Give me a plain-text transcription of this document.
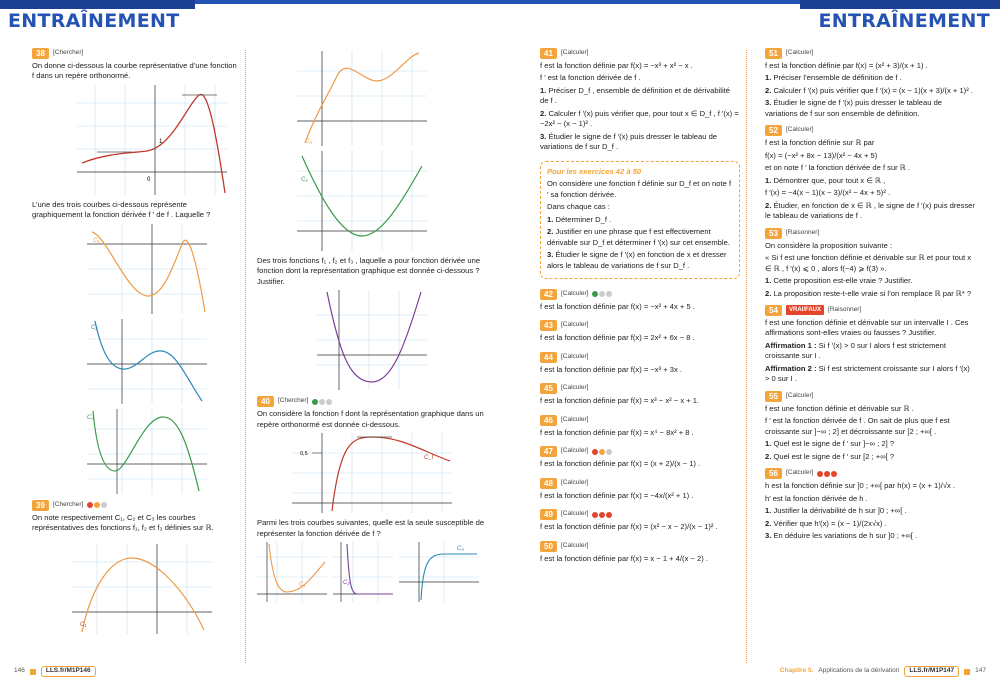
ENTRAÎNEMENT	ENTRAÎNEMENT
38	[Chercher]

On donne ci-dessous la courbe représentative d’une fonction f dans un repère orthonormé.

0
1

L’une des trois courbes ci-dessous représente graphiquement la fonction dérivée f ′ de f . Laquelle ?

C₁
C₂
C₃
39	[Chercher]

On note respectivement C₁, C₂ et C₃ les courbes représentatives des fonctions f₁, f₂ et f₃ définies sur ℝ.

C₁
C₃
C₂

Des trois fonctions f₁ , f₂ et f₃ , laquelle a pour fonction dérivée une fonction dont la représentation graphique est donnée ci-dessous ? Justifier.

40	[Chercher]

On considère la fonction f dont la représentation graphique dans un repère orthonormé est donnée ci-dessous.

C_f
0,5

Parmi les trois courbes suivantes, quelle est la seule susceptible de représenter la fonction dérivée de f ?

C₁	C₂
C₃
41	[Calculer]

f est la fonction définie par f(x) = −x³ + x² − x .

f ′ est la fonction dérivée de f .

1. Préciser D_f , ensemble de définition et de dérivabilité de f .

2. Calculer f ′(x) puis vérifier que, pour tout x ∈ D_f , f ′(x) = −2x² − (x − 1)² .

3. Étudier le signe de f ′(x) puis dresser le tableau de variations de f sur D_f .

Pour les exercices 42 à 50

On considère une fonction f définie sur D_f et on note f ′ sa fonction dérivée.

Dans chaque cas :

1. Déterminer D_f .

2. Justifier en une phrase que f est effectivement dérivable sur D_f et déterminer f ′(x) sur cet ensemble.

3. Étudier le signe de f ′(x) en fonction de x et dresser alors le tableau de variations de f sur D_f .

42	[Calculer]

f est la fonction définie par f(x) = −x² + 4x + 5 .

43	[Calculer]

f est la fonction définie par f(x) = 2x² + 6x − 8 .

44	[Calculer]

f est la fonction définie par f(x) = −x³ + 3x .

45	[Calculer]

f est la fonction définie par f(x) = x³ − x² − x + 1.

46	[Calculer]

f est la fonction définie par f(x) = x⁴ − 8x² + 8 .

47	[Calculer]

f est la fonction définie par f(x) = (x + 2)/(x − 1) .

48	[Calculer]

f est la fonction définie par f(x) = −4x/(x² + 1) .

49	[Calculer]

f est la fonction définie par f(x) = (x² − x − 2)/(x − 1)² .

50	[Calculer]

f est la fonction définie par f(x) = x − 1 + 4/(x − 2) .

51	[Calculer]

f est la fonction définie par f(x) = (x² + 3)/(x + 1) .

1. Préciser l’ensemble de définition de f .

2. Calculer f ′(x) puis vérifier que f ′(x) = (x − 1)(x + 3)/(x + 1)² .

3. Étudier le signe de f ′(x) puis dresser le tableau de variations de f sur son ensemble de définition.

52	[Calculer]

f est la fonction définie sur ℝ par

f(x) = (−x² + 8x − 13)/(x² − 4x + 5)

et on note f ′ la fonction dérivée de f sur ℝ .

1. Démontrer que, pour tout x ∈ ℝ ,

f ′(x) = −4(x − 1)(x − 3)/(x² − 4x + 5)² .

2. Étudier, en fonction de x ∈ ℝ , le signe de f ′(x) puis dresser le tableau de variations de f .

53	[Raisonner]

On considère la proposition suivante :

« Si f est une fonction définie et dérivable sur ℝ et pour tout x ∈ ℝ , f ′(x) ⩽ 0 , alors f(−4) ⩾ f(3) ».

1. Cette proposition est-elle vraie ? Justifier.

2. La proposition reste-t-elle vraie si l’on remplace ℝ par ℝ* ?

54	VRAI/FAUX	[Raisonner]

f est une fonction définie et dérivable sur un intervalle I . Ces affirmations sont-elles vraies ou fausses ? Justifier.

Affirmation 1 : Si f ′(x) > 0 sur I alors f est strictement croissante sur I .

Affirmation 2 : Si f est strictement croissante sur I alors f ′(x) > 0 sur I .

55	[Calculer]

f est une fonction définie et dérivable sur ℝ .

f ′ est la fonction dérivée de f . On sait de plus que f est croissante sur ]−∞ ; 2] et décroissante sur [2 ; +∞[ .

1. Quel est le signe de f ′ sur ]−∞ ; 2] ?

2. Quel est le signe de f ′ sur [2 ; +∞[ ?

56	[Calculer]

h est la fonction définie sur ]0 ; +∞[ par h(x) = (x + 1)/√x .

h′ est la fonction dérivée de h .

1. Justifier la dérivabilité de h sur ]0 ; +∞[ .

2. Vérifier que h′(x) = (x − 1)/(2x√x) .

3. En déduire les variations de h sur ]0 ; +∞[ .

146	LLS.fr/M1P146	Chapitre 5. Applications de la dérivation	LLS.fr/M1P147	147
